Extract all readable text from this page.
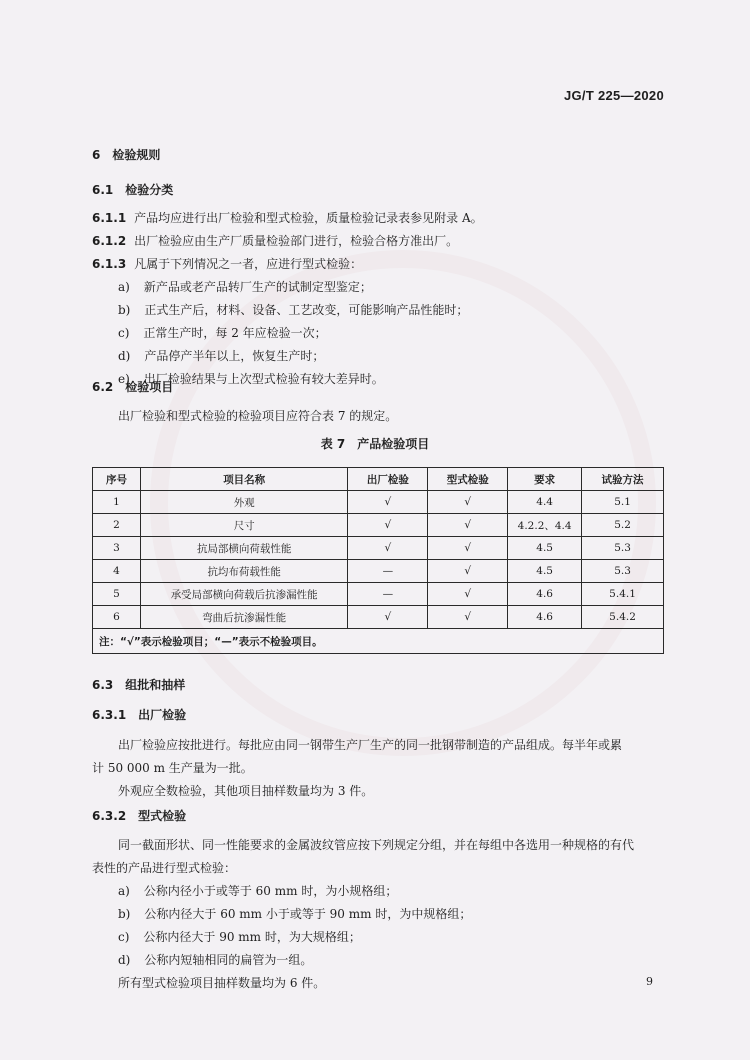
JG/T 225—2020
6 检验规则
6.1 检验分类
6.1.1 产品均应进行出厂检验和型式检验，质量检验记录表参见附录 A。
6.1.2 出厂检验应由生产厂质量检验部门进行，检验合格方准出厂。
6.1.3 凡属于下列情况之一者，应进行型式检验：
a) 新产品或老产品转厂生产的试制定型鉴定；
b) 正式生产后，材料、设备、工艺改变，可能影响产品性能时；
c) 正常生产时，每 2 年应检验一次；
d) 产品停产半年以上，恢复生产时；
e) 出厂检验结果与上次型式检验有较大差异时。
6.2 检验项目
出厂检验和型式检验的检验项目应符合表 7 的规定。
表 7　产品检验项目
序号	项目名称	出厂检验	型式检验	要求	试验方法
1	外观	√	√	4.4	5.1
2	尺寸	√	√	4.2.2、4.4	5.2
3	抗局部横向荷载性能	√	√	4.5	5.3
4	抗均布荷载性能	—	√	4.5	5.3
5	承受局部横向荷载后抗渗漏性能	—	√	4.6	5.4.1
6	弯曲后抗渗漏性能	√	√	4.6	5.4.2
注：“√”表示检验项目；“—”表示不检验项目。					
6.3 组批和抽样
6.3.1 出厂检验
出厂检验应按批进行。每批应由同一钢带生产厂生产的同一批钢带制造的产品组成。每半年或累
计 50 000 m 生产量为一批。
外观应全数检验，其他项目抽样数量均为 3 件。
6.3.2 型式检验
同一截面形状、同一性能要求的金属波纹管应按下列规定分组，并在每组中各选用一种规格的有代
表性的产品进行型式检验：
a) 公称内径小于或等于 60 mm 时，为小规格组；
b) 公称内径大于 60 mm 小于或等于 90 mm 时，为中规格组；
c) 公称内径大于 90 mm 时，为大规格组；
d) 公称内短轴相同的扁管为一组。
所有型式检验项目抽样数量均为 6 件。	9
